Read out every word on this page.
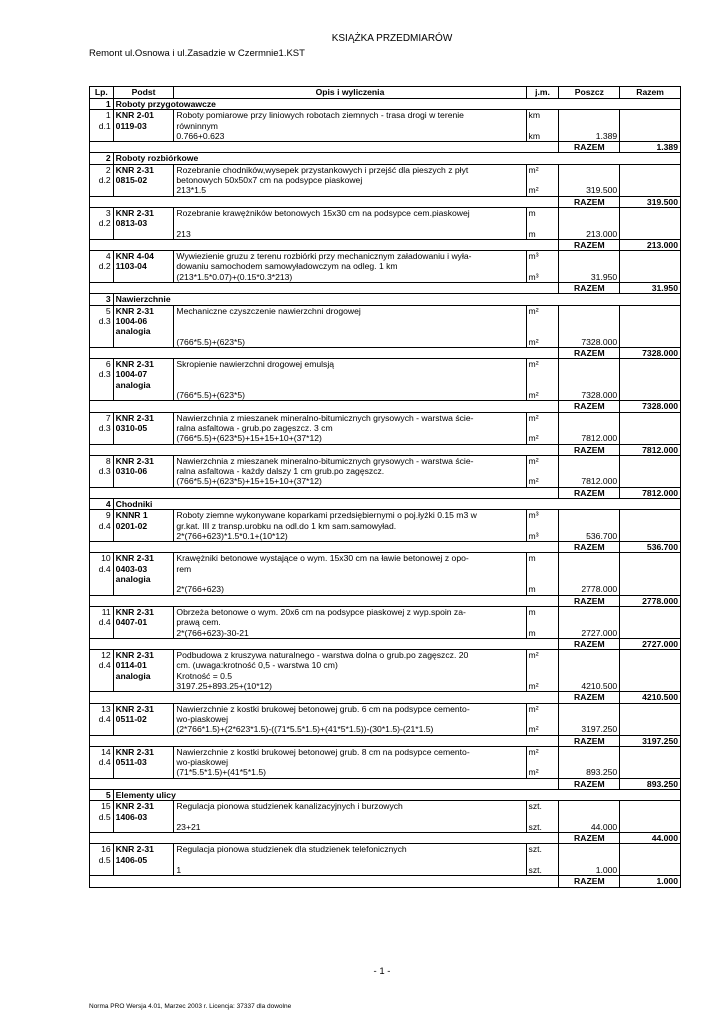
KSIĄŻKA PRZEDMIARÓW
Remont ul.Osnowa i ul.Zasadzie w Czermnie1.KST
Lp.	Podst	Opis i wyliczenia	j.m.	Poszcz	Razem
1	Roboty przygotowawcze				
1	KNR 2-01	Roboty pomiarowe przy liniowych robotach ziemnych - trasa drogi w terenie	km		
d.1	0119-03	równinnym			
		0.766+0.623	km	1.389	
				RAZEM	1.389
2	Roboty rozbiórkowe				
2	KNR 2-31	Rozebranie chodników,wysepek przystankowych i przejść dla pieszych z płyt	m²		
d.2	0815-02	betonowych 50x50x7 cm na podsypce piaskowej			
		213*1.5	m²	319.500	
				RAZEM	319.500
3	KNR 2-31	Rozebranie krawężników betonowych 15x30 cm na podsypce cem.piaskowej	m		
d.2	0813-03				
		213	m	213.000	
				RAZEM	213.000
4	KNR 4-04	Wywiezienie gruzu z terenu rozbiórki przy mechanicznym załadowaniu i wyła-	m³		
d.2	1103-04	dowaniu samochodem samowyładowczym na odleg. 1 km			
		(213*1.5*0.07)+(0.15*0.3*213)	m³	31.950	
				RAZEM	31.950
3	Nawierzchnie				
5	KNR 2-31	Mechaniczne czyszczenie nawierzchni drogowej	m²		
d.3	1004-06				
	analogia				
		(766*5.5)+(623*5)	m²	7328.000	
				RAZEM	7328.000
6	KNR 2-31	Skropienie nawierzchni drogowej emulsją	m²		
d.3	1004-07				
	analogia				
		(766*5.5)+(623*5)	m²	7328.000	
				RAZEM	7328.000
7	KNR 2-31	Nawierzchnia z mieszanek mineralno-bitumicznych grysowych - warstwa ście-	m²		
d.3	0310-05	ralna asfaltowa - grub.po zagęszcz. 3 cm			
		(766*5.5)+(623*5)+15+15+10+(37*12)	m²	7812.000	
				RAZEM	7812.000
8	KNR 2-31	Nawierzchnia z mieszanek mineralno-bitumicznych grysowych - warstwa ście-	m²		
d.3	0310-06	ralna asfaltowa - każdy dalszy 1 cm grub.po zagęszcz.			
		(766*5.5)+(623*5)+15+15+10+(37*12)	m²	7812.000	
				RAZEM	7812.000
4	Chodniki				
9	KNNR 1	Roboty ziemne wykonywane koparkami przedsiębiernymi o poj.łyżki 0.15 m3 w	m³		
d.4	0201-02	gr.kat. III z transp.urobku na odl.do 1 km sam.samowyład.			
		2*(766+623)*1.5*0.1+(10*12)	m³	536.700	
				RAZEM	536.700
10	KNR 2-31	Krawężniki betonowe wystające o wym. 15x30 cm na ławie betonowej z opo-	m		
d.4	0403-03	rem			
	analogia				
		2*(766+623)	m	2778.000	
				RAZEM	2778.000
11	KNR 2-31	Obrzeża betonowe o wym. 20x6 cm na podsypce piaskowej z wyp.spoin za-	m		
d.4	0407-01	prawą cem.			
		2*(766+623)-30-21	m	2727.000	
				RAZEM	2727.000
12	KNR 2-31	Podbudowa z kruszywa naturalnego - warstwa dolna o grub.po zagęszcz. 20	m²		
d.4	0114-01	cm. (uwaga:krotność 0,5 - warstwa 10 cm)			
	analogia	Krotność = 0.5			
		3197.25+893.25+(10*12)	m²	4210.500	
				RAZEM	4210.500
13	KNR 2-31	Nawierzchnie z kostki brukowej betonowej grub. 6 cm na podsypce cemento-	m²		
d.4	0511-02	wo-piaskowej			
		(2*766*1.5)+(2*623*1.5)-((71*5.5*1.5)+(41*5*1.5))-(30*1.5)-(21*1.5)	m²	3197.250	
				RAZEM	3197.250
14	KNR 2-31	Nawierzchnie z kostki brukowej betonowej grub. 8 cm na podsypce cemento-	m²		
d.4	0511-03	wo-piaskowej			
		(71*5.5*1.5)+(41*5*1.5)	m²	893.250	
				RAZEM	893.250
5	Elementy ulicy				
15	KNR 2-31	Regulacja pionowa studzienek kanalizacyjnych i burzowych	szt.		
d.5	1406-03				
		23+21	szt.	44.000	
				RAZEM	44.000
16	KNR 2-31	Regulacja pionowa studzienek dla studzienek telefonicznych	szt.		
d.5	1406-05				
		1	szt.	1.000	
				RAZEM	1.000
- 1 -
Norma PRO Wersja 4.01, Marzec 2003 r. Licencja: 37337 dla dowolne
